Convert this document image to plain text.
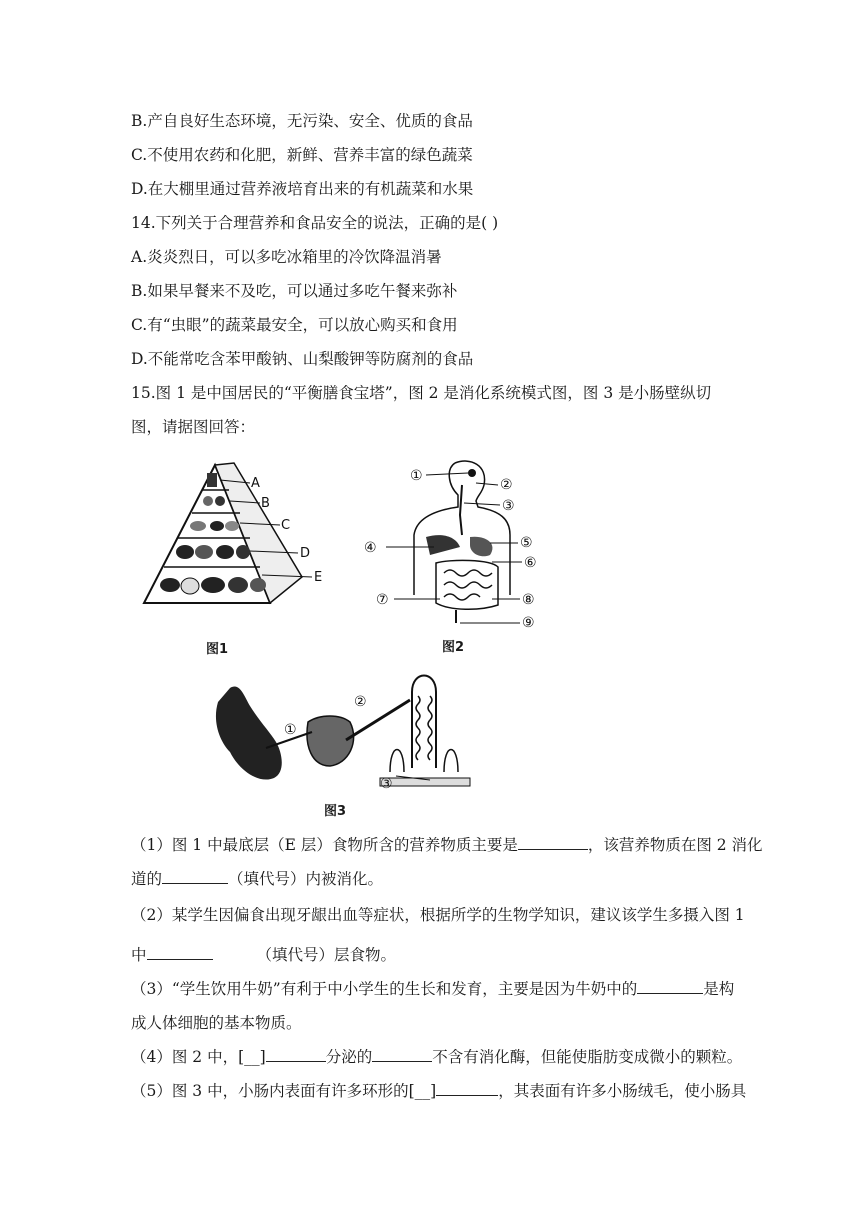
B.产自良好生态环境，无污染、安全、优质的食品
C.不使用农药和化肥，新鲜、营养丰富的绿色蔬菜
D.在大棚里通过营养液培育出来的有机蔬菜和水果
14.下列关于合理营养和食品安全的说法，正确的是( )
A.炎炎烈日，可以多吃冰箱里的冷饮降温消暑
B.如果早餐来不及吃，可以通过多吃午餐来弥补
C.有“虫眼”的蔬菜最安全，可以放心购买和食用
D.不能常吃含苯甲酸钠、山梨酸钾等防腐剂的食品
15.图 1 是中国居民的“平衡膳食宝塔”，图 2 是消化系统模式图，图 3 是小肠壁纵切图，请据图回答：
A
B
C
D
E
图1
①
②
③
④	⑤
⑥
⑦	⑧
⑨
图2
①
②
③
图3
（1）图 1 中最底层（E 层）食物所含的营养物质主要是	，该营养物质在图 2 消化
道的	（填代号）内被消化。
（2）某学生因偏食出现牙龈出血等症状，根据所学的生物学知识，建议该学生多摄入图 1
中	（填代号）层食物。
（3）“学生饮用牛奶”有利于中小学生的生长和发育，主要是因为牛奶中的	是构
成人体细胞的基本物质。
（4）图 2 中，[__]	分泌的	不含有消化酶，但能使脂肪变成微小的颗粒。
（5）图 3 中，小肠内表面有许多环形的[__]	，其表面有许多小肠绒毛，使小肠具
